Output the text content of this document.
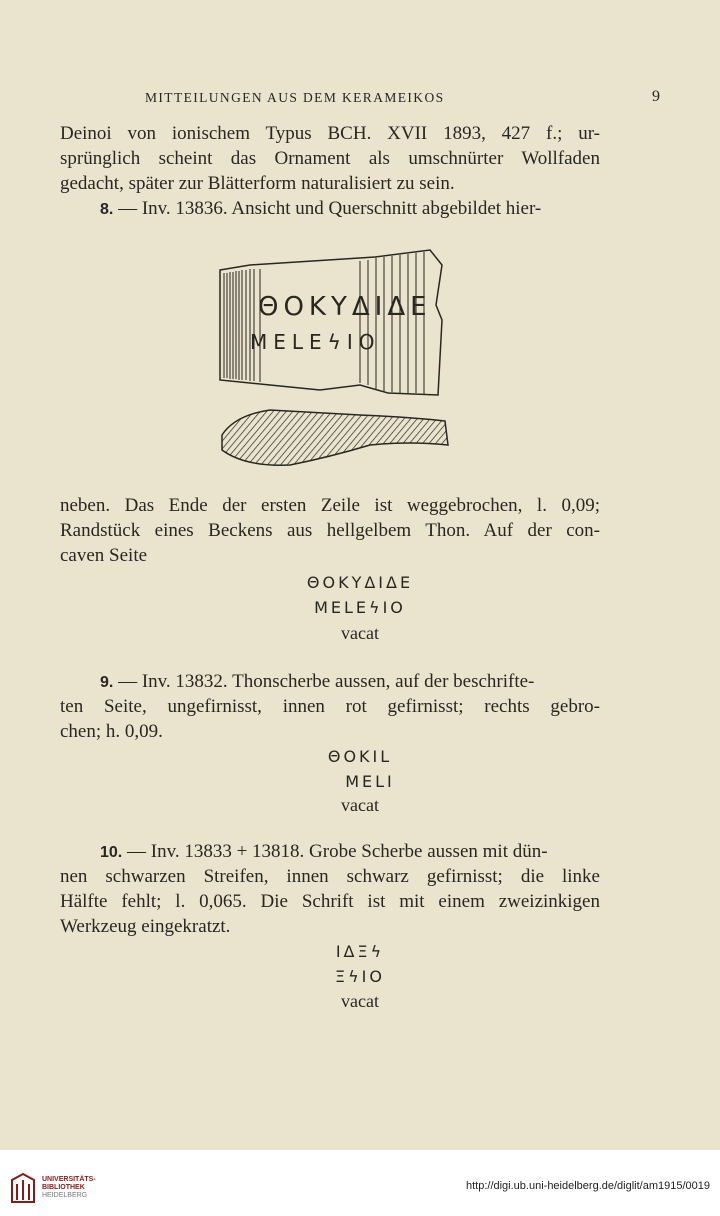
MITTEILUNGEN AUS DEM KERAMEIKOS	9
Deinoi von ionischem Typus BCH. XVII 1893, 427 f.; ur-
sprünglich scheint das Ornament als umschnürter Wollfaden
gedacht, später zur Blätterform naturalisiert zu sein.
8. — Inv. 13836. Ansicht und Querschnitt abgebildet hier-
ΘΟΚΥΔΙΔΕ
ΜΕLΕϟΙΟ
neben. Das Ende der ersten Zeile ist weggebrochen, l. 0,09;
Randstück eines Beckens aus hellgelbem Thon. Auf der con-
caven Seite
ΘΟΚΥΔΙΔΕ
ΜΕLΕϟΙΟ
vacat
9. — Inv. 13832. Thonscherbe aussen, auf der beschrifte-
ten Seite, ungefirnisst, innen rot gefirnisst; rechts gebro-
chen; h. 0,09.
ΘΟΚΙL
ΜΕLΙ
vacat
10. — Inv. 13833 + 13818. Grobe Scherbe aussen mit dün-
nen schwarzen Streifen, innen schwarz gefirnisst; die linke
Hälfte fehlt; l. 0,065. Die Schrift ist mit einem zweizinkigen
Werkzeug eingekratzt.
ΙΔΞϟ
ΞϟΙΟ
vacat
UNIVERSITÄTS-
BIBLIOTHEK
HEIDELBERG
http://digi.ub.uni-heidelberg.de/diglit/am1915/0019
